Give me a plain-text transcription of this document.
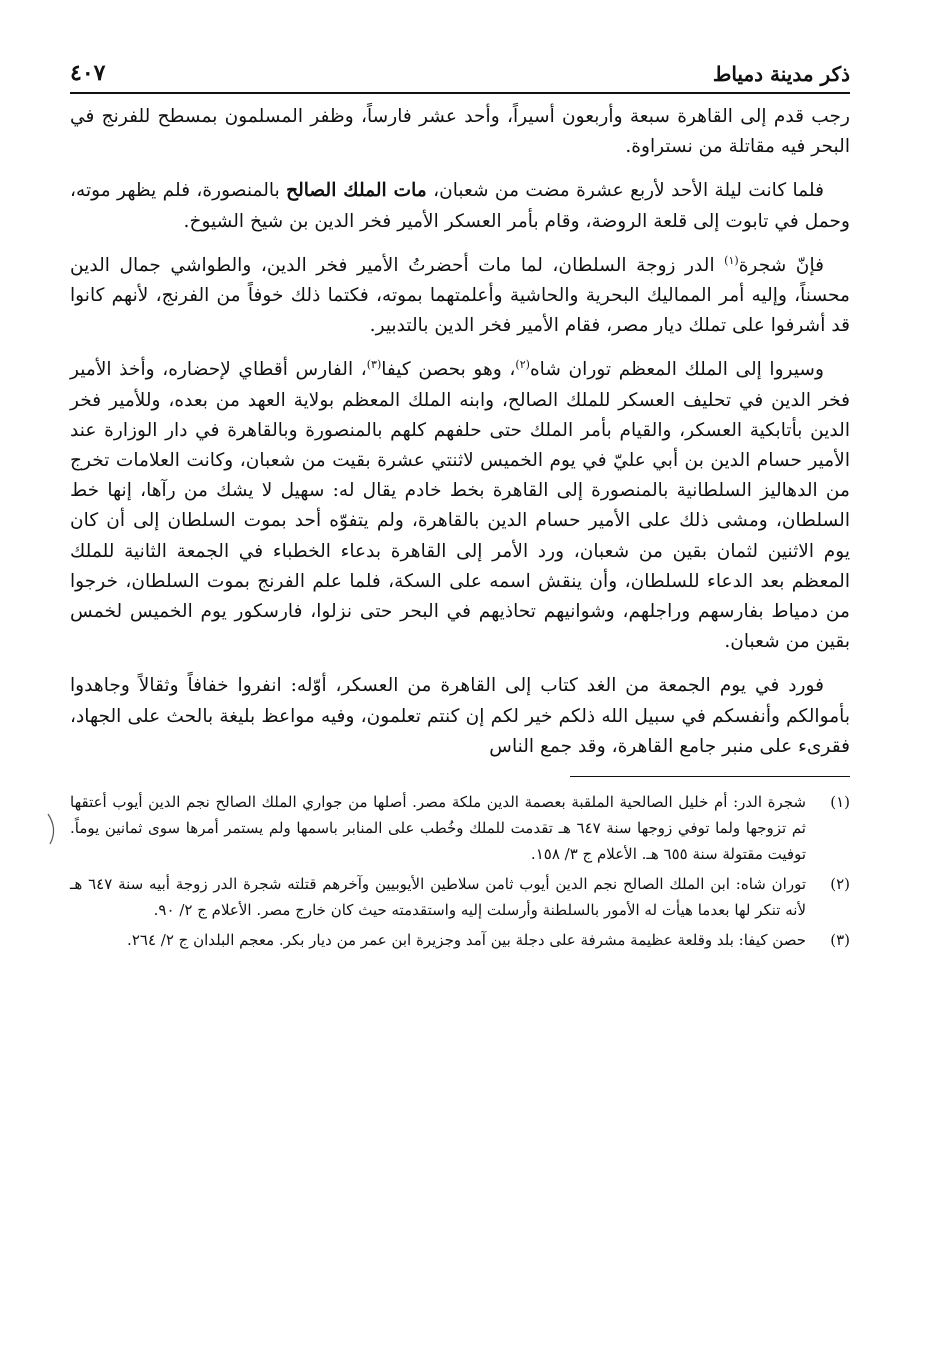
ذكر مدينة دمياط
٤٠٧

رجب قدم إلى القاهرة سبعة وأربعون أسيراً، وأحد عشر فارساً، وظفر المسلمون بمسطح للفرنج في البحر فيه مقاتلة من نستراوة.

فلما كانت ليلة الأحد لأربع عشرة مضت من شعبان، مات الملك الصالح بالمنصورة، فلم يظهر موته، وحمل في تابوت إلى قلعة الروضة، وقام بأمر العسكر الأمير فخر الدين بن شيخ الشيوخ.

فإنّ شجرة$^{(١)}$ الدر زوجة السلطان، لما مات أحضرتُ الأمير فخر الدين، والطواشي جمال الدين محسناً، وإليه أمر المماليك البحرية والحاشية وأعلمتهما بموته، فكتما ذلك خوفاً من الفرنج، لأنهم كانوا قد أشرفوا على تملك ديار مصر، فقام الأمير فخر الدين بالتدبير.

وسيروا إلى الملك المعظم توران شاه$^{(٢)}$، وهو بحصن كيفا$^{(٣)}$، الفارس أقطاي لإحضاره، وأخذ الأمير فخر الدين في تحليف العسكر للملك الصالح، وابنه الملك المعظم بولاية العهد من بعده، وللأمير فخر الدين بأتابكية العسكر، والقيام بأمر الملك حتى حلفهم كلهم بالمنصورة وبالقاهرة في دار الوزارة عند الأمير حسام الدين بن أبي عليّ في يوم الخميس لاثنتي عشرة بقيت من شعبان، وكانت العلامات تخرج من الدهاليز السلطانية بالمنصورة إلى القاهرة بخط خادم يقال له: سهيل لا يشك من رآها، إنها خط السلطان، ومشى ذلك على الأمير حسام الدين بالقاهرة، ولم يتفوّه أحد بموت السلطان إلى أن كان يوم الاثنين لثمان بقين من شعبان، ورد الأمر إلى القاهرة بدعاء الخطباء في الجمعة الثانية للملك المعظم بعد الدعاء للسلطان، وأن ينقش اسمه على السكة، فلما علم الفرنج بموت السلطان، خرجوا من دمياط بفارسهم وراجلهم، وشوانيهم تحاذيهم في البحر حتى نزلوا، فارسكور يوم الخميس لخمس بقين من شعبان.

فورد في يوم الجمعة من الغد كتاب إلى القاهرة من العسكر، أوّله: انفروا خفافاً وثقالاً وجاهدوا بأموالكم وأنفسكم في سبيل الله ذلكم خير لكم إن كنتم تعلمون، وفيه مواعظ بليغة بالحث على الجهاد، فقرىء على منبر جامع القاهرة، وقد جمع الناس

(١)
شجرة الدر: أم خليل الصالحية الملقبة بعصمة الدين ملكة مصر. أصلها من جواري الملك الصالح نجم الدين أيوب أعتقها ثم تزوجها ولما توفي زوجها سنة ٦٤٧ هـ تقدمت للملك وخُطب على المنابر باسمها ولم يستمر أمرها سوى ثمانين يوماً. توفيت مقتولة سنة ٦٥٥ هـ. الأعلام ج ٣/ ١٥٨.
(٢)
توران شاه: ابن الملك الصالح نجم الدين أيوب ثامن سلاطين الأيوبيين وآخرهم قتلته شجرة الدر زوجة أبيه سنة ٦٤٧ هـ لأنه تنكر لها بعدما هيأت له الأمور بالسلطنة وأرسلت إليه واستقدمته حيث كان خارج مصر. الأعلام ج ٢/ ٩٠.
(٣)
حصن كيفا: بلد وقلعة عظيمة مشرفة على دجلة بين آمد وجزيرة ابن عمر من ديار بكر. معجم البلدان ج ٢/ ٢٦٤.
